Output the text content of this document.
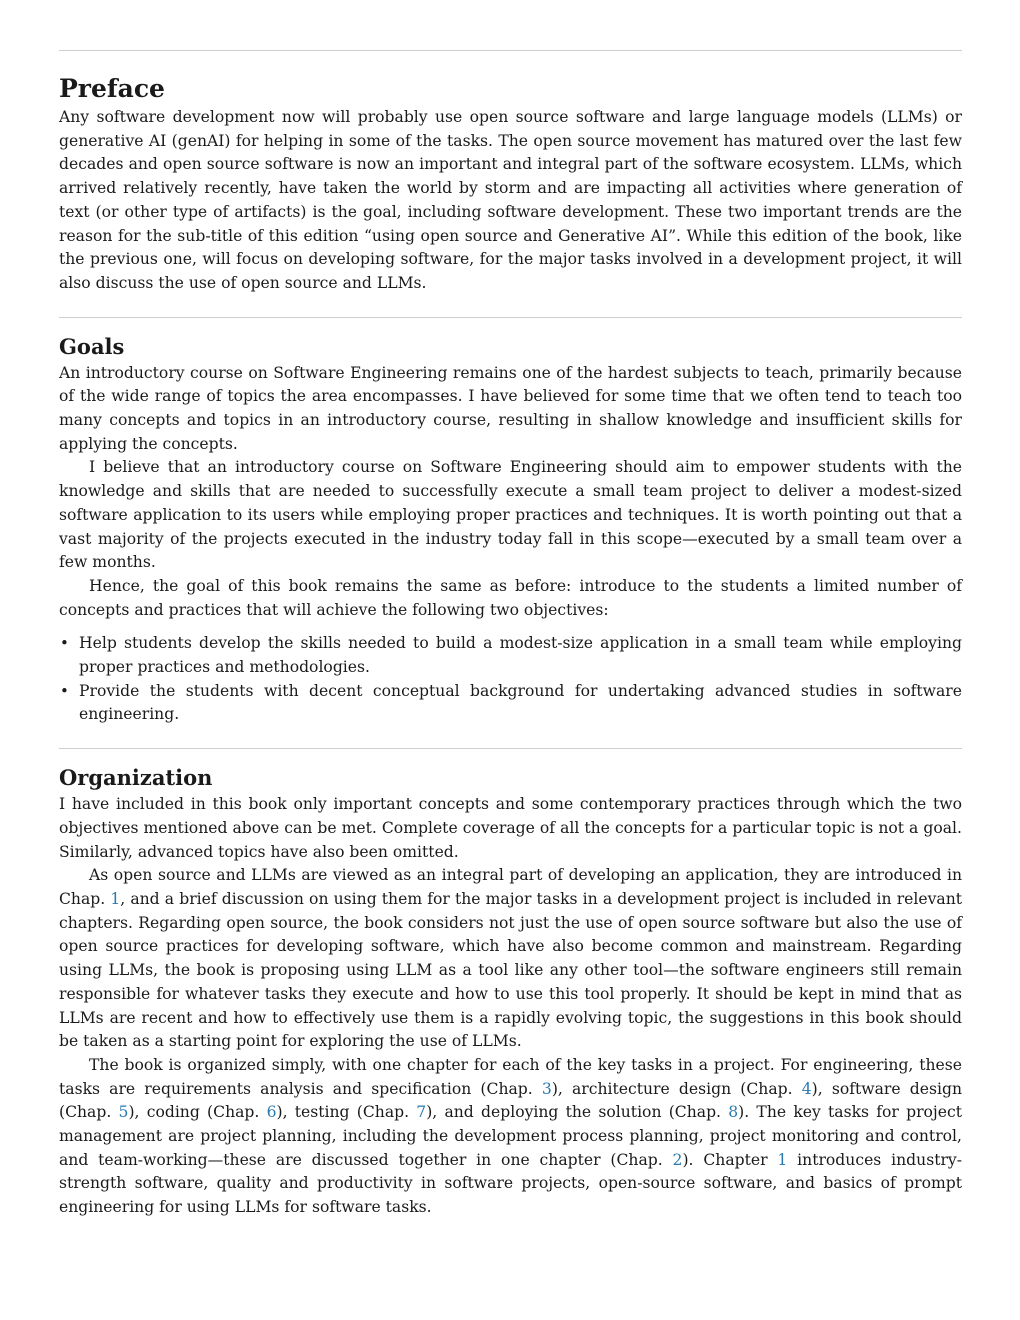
Preface

Any software development now will probably use open source software and large language models (LLMs) or generative AI (genAI) for helping in some of the tasks. The open source movement has matured over the last few decades and open source software is now an important and integral part of the software ecosystem. LLMs, which arrived relatively recently, have taken the world by storm and are impacting all activities where generation of text (or other type of artifacts) is the goal, including software development. These two important trends are the reason for the sub-title of this edition “using open source and Generative AI”. While this edition of the book, like the previous one, will focus on developing software, for the major tasks involved in a development project, it will also discuss the use of open source and LLMs.

Goals

An introductory course on Software Engineering remains one of the hardest subjects to teach, primarily because of the wide range of topics the area encompasses. I have believed for some time that we often tend to teach too many concepts and topics in an introductory course, resulting in shallow knowledge and insufficient skills for applying the concepts.

I believe that an introductory course on Software Engineering should aim to empower students with the knowledge and skills that are needed to successfully execute a small team project to deliver a modest-sized software application to its users while employing proper practices and techniques. It is worth pointing out that a vast majority of the projects executed in the industry today fall in this scope—executed by a small team over a few months.

Hence, the goal of this book remains the same as before: introduce to the students a limited number of concepts and practices that will achieve the following two objectives:

• Help students develop the skills needed to build a modest-size application in a small team while employing proper practices and methodologies.
• Provide the students with decent conceptual background for undertaking advanced studies in software engineering.
Organization

I have included in this book only important concepts and some contemporary practices through which the two objectives mentioned above can be met. Complete coverage of all the concepts for a particular topic is not a goal. Similarly, advanced topics have also been omitted.

As open source and LLMs are viewed as an integral part of developing an application, they are introduced in Chap. 1, and a brief discussion on using them for the major tasks in a development project is included in relevant chapters. Regarding open source, the book considers not just the use of open source software but also the use of open source practices for developing software, which have also become common and mainstream. Regarding using LLMs, the book is proposing using LLM as a tool like any other tool—the software engineers still remain responsible for whatever tasks they execute and how to use this tool properly. It should be kept in mind that as LLMs are recent and how to effectively use them is a rapidly evolving topic, the suggestions in this book should be taken as a starting point for exploring the use of LLMs.

The book is organized simply, with one chapter for each of the key tasks in a project. For engineering, these tasks are requirements analysis and specification (Chap. 3), architecture design (Chap. 4), software design (Chap. 5), coding (Chap. 6), testing (Chap. 7), and deploying the solution (Chap. 8). The key tasks for project management are project planning, including the development process planning, project monitoring and control, and team-working—these are discussed together in one chapter (Chap. 2). Chapter 1 introduces industry-strength software, quality and productivity in software projects, open-source software, and basics of prompt engineering for using LLMs for software tasks.
